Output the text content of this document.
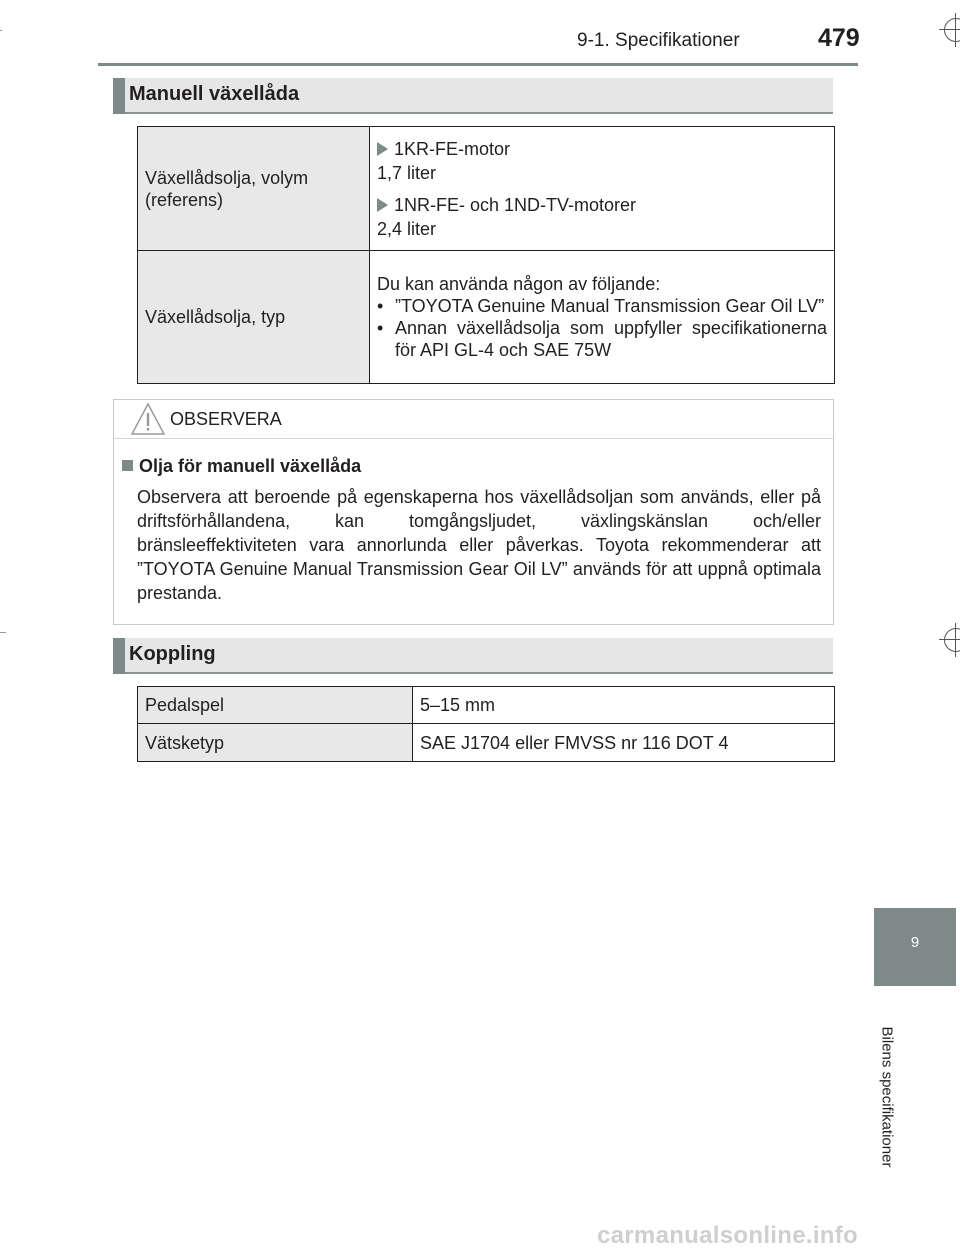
9-1. Specifikationer	479
Manuell växellåda
Växellådsolja, volym (referens)	1KR-FE-motor
1,7 liter
1NR-FE- och 1ND-TV-motorer
2,4 liter

Växellådsolja, typ	Du kan använda någon av följande:
• ”TOYOTA Genuine Manual Transmission Gear Oil LV”
• Annan växellådsolja som uppfyller specifikationerna för API GL-4 och SAE 75W
OBSERVERA
Olja för manuell växellåda
Observera att beroende på egenskaperna hos växellådsoljan som används, eller på driftsförhållandena, kan tomgångsljudet, växlingskänslan och/eller bränsleeffektiviteten vara annorlunda eller påverkas. Toyota rekommenderar att ”TOYOTA Genuine Manual Transmission Gear Oil LV” används för att uppnå optimala prestanda.
Koppling
Pedalspel	5–15 mm
Vätsketyp	SAE J1704 eller FMVSS nr 116 DOT 4
9
Bilens specifikationer
carmanualsonline.info
